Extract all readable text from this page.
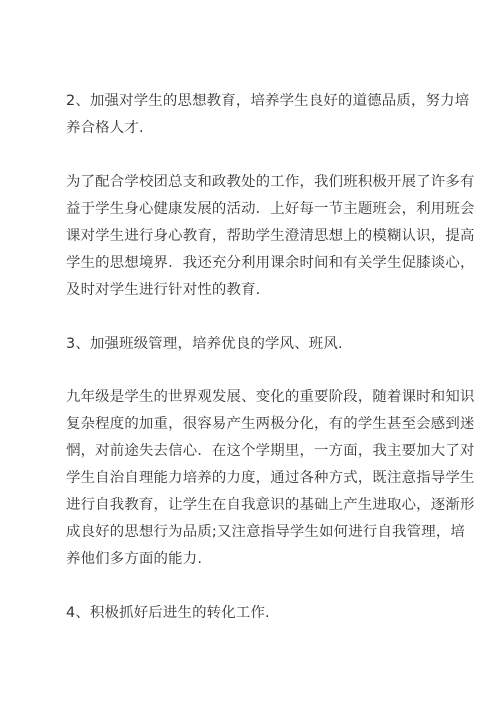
2、加强对学生的思想教育，培养学生良好的道德品质，努力培
养合格人才.
为了配合学校团总支和政教处的工作，我们班积极开展了许多有
益于学生身心健康发展的活动．上好每一节主题班会，利用班会
课对学生进行身心教育，帮助学生澄清思想上的模糊认识，提高
学生的思想境界．我还充分利用课余时间和有关学生促膝谈心，
及时对学生进行针对性的教育.
3、加强班级管理，培养优良的学风、班风.
九年级是学生的世界观发展、变化的重要阶段，随着课时和知识
复杂程度的加重，很容易产生两极分化，有的学生甚至会感到迷
惘，对前途失去信心．在这个学期里，一方面，我主要加大了对
学生自治自理能力培养的力度，通过各种方式，既注意指导学生
进行自我教育，让学生在自我意识的基础上产生进取心，逐渐形
成良好的思想行为品质;又注意指导学生如何进行自我管理，培
养他们多方面的能力.
4、积极抓好后进生的转化工作.
